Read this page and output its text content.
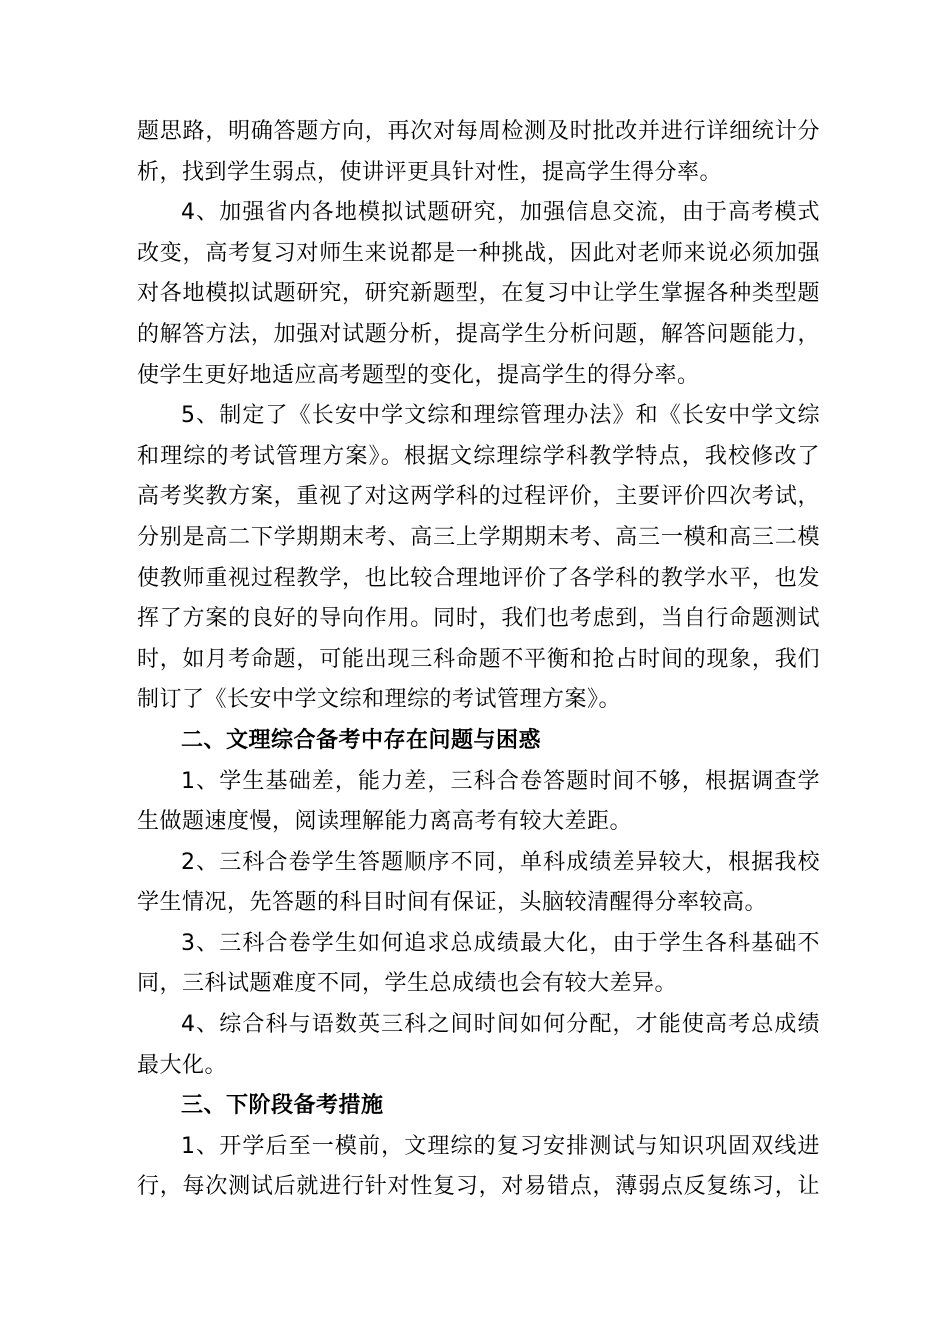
题思路，明确答题方向，再次对每周检测及时批改并进行详细统计分
析，找到学生弱点，使讲评更具针对性，提高学生得分率。
4、加强省内各地模拟试题研究，加强信息交流，由于高考模式
改变，高考复习对师生来说都是一种挑战，因此对老师来说必须加强
对各地模拟试题研究，研究新题型，在复习中让学生掌握各种类型题
的解答方法，加强对试题分析，提高学生分析问题，解答问题能力，
使学生更好地适应高考题型的变化，提高学生的得分率。
5、制定了《长安中学文综和理综管理办法》和《长安中学文综
和理综的考试管理方案》。根据文综理综学科教学特点，我校修改了
高考奖教方案，重视了对这两学科的过程评价，主要评价四次考试，
分别是高二下学期期末考、高三上学期期末考、高三一模和高三二模
使教师重视过程教学，也比较合理地评价了各学科的教学水平，也发
挥了方案的良好的导向作用。同时，我们也考虑到，当自行命题测试
时，如月考命题，可能出现三科命题不平衡和抢占时间的现象，我们
制订了《长安中学文综和理综的考试管理方案》。
二、文理综合备考中存在问题与困惑
1、学生基础差，能力差，三科合卷答题时间不够，根据调查学
生做题速度慢，阅读理解能力离高考有较大差距。
2、三科合卷学生答题顺序不同，单科成绩差异较大，根据我校
学生情况，先答题的科目时间有保证，头脑较清醒得分率较高。
3、三科合卷学生如何追求总成绩最大化，由于学生各科基础不
同，三科试题难度不同，学生总成绩也会有较大差异。
4、综合科与语数英三科之间时间如何分配，才能使高考总成绩
最大化。
三、下阶段备考措施
1、开学后至一模前，文理综的复习安排测试与知识巩固双线进
行，每次测试后就进行针对性复习，对易错点，薄弱点反复练习，让
